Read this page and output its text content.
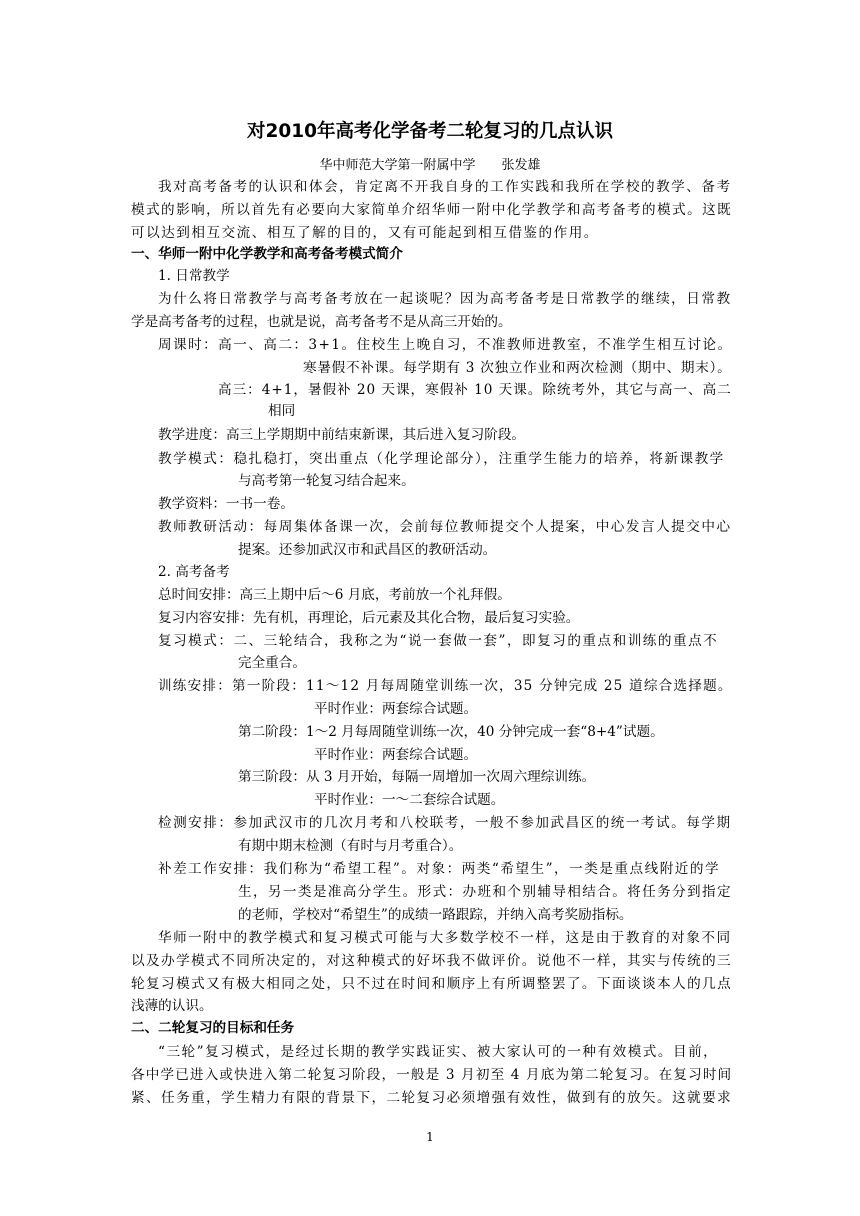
对2010年高考化学备考二轮复习的几点认识
华中师范大学第一附属中学　　张发雄
我对高考备考的认识和体会，肯定离不开我自身的工作实践和我所在学校的教学、备考
模式的影响，所以首先有必要向大家简单介绍华师一附中化学教学和高考备考的模式。这既
可以达到相互交流、相互了解的目的，又有可能起到相互借鉴的作用。
一、华师一附中化学教学和高考备考模式简介
1. 日常教学
为什么将日常教学与高考备考放在一起谈呢？因为高考备考是日常教学的继续，日常教
学是高考备考的过程，也就是说，高考备考不是从高三开始的。
周课时：高一、高二：3+1。住校生上晚自习，不准教师进教室，不准学生相互讨论。
寒暑假不补课。每学期有 3 次独立作业和两次检测（期中、期末）。
高三：4+1，暑假补 20 天课，寒假补 10 天课。除统考外，其它与高一、高二
相同
教学进度：高三上学期期中前结束新课，其后进入复习阶段。
教学模式：稳扎稳打，突出重点（化学理论部分），注重学生能力的培养，将新课教学
与高考第一轮复习结合起来。
教学资料：一书一卷。
教师教研活动：每周集体备课一次，会前每位教师提交个人提案，中心发言人提交中心
提案。还参加武汉市和武昌区的教研活动。
2. 高考备考
总时间安排：高三上期中后～6 月底，考前放一个礼拜假。
复习内容安排：先有机，再理论，后元素及其化合物，最后复习实验。
复习模式：二、三轮结合，我称之为“说一套做一套”，即复习的重点和训练的重点不
完全重合。
训练安排：第一阶段：11～12 月每周随堂训练一次，35 分钟完成 25 道综合选择题。
平时作业：两套综合试题。
第二阶段：1～2 月每周随堂训练一次，40 分钟完成一套“8+4”试题。
平时作业：两套综合试题。
第三阶段：从 3 月开始，每隔一周增加一次周六理综训练。
平时作业：一～二套综合试题。
检测安排：参加武汉市的几次月考和八校联考，一般不参加武昌区的统一考试。每学期
有期中期末检测（有时与月考重合）。
补差工作安排：我们称为“希望工程”。对象：两类“希望生”，一类是重点线附近的学
生，另一类是准高分学生。形式：办班和个别辅导相结合。将任务分到指定
的老师，学校对“希望生”的成绩一路跟踪，并纳入高考奖励指标。
华师一附中的教学模式和复习模式可能与大多数学校不一样，这是由于教育的对象不同
以及办学模式不同所决定的，对这种模式的好坏我不做评价。说他不一样，其实与传统的三
轮复习模式又有极大相同之处，只不过在时间和顺序上有所调整罢了。下面谈谈本人的几点
浅薄的认识。
二、二轮复习的目标和任务
“三轮”复习模式，是经过长期的教学实践证实、被大家认可的一种有效模式。目前，
各中学已进入或快进入第二轮复习阶段，一般是 3 月初至 4 月底为第二轮复习。在复习时间
紧、任务重，学生精力有限的背景下，二轮复习必须增强有效性，做到有的放矢。这就要求
1
